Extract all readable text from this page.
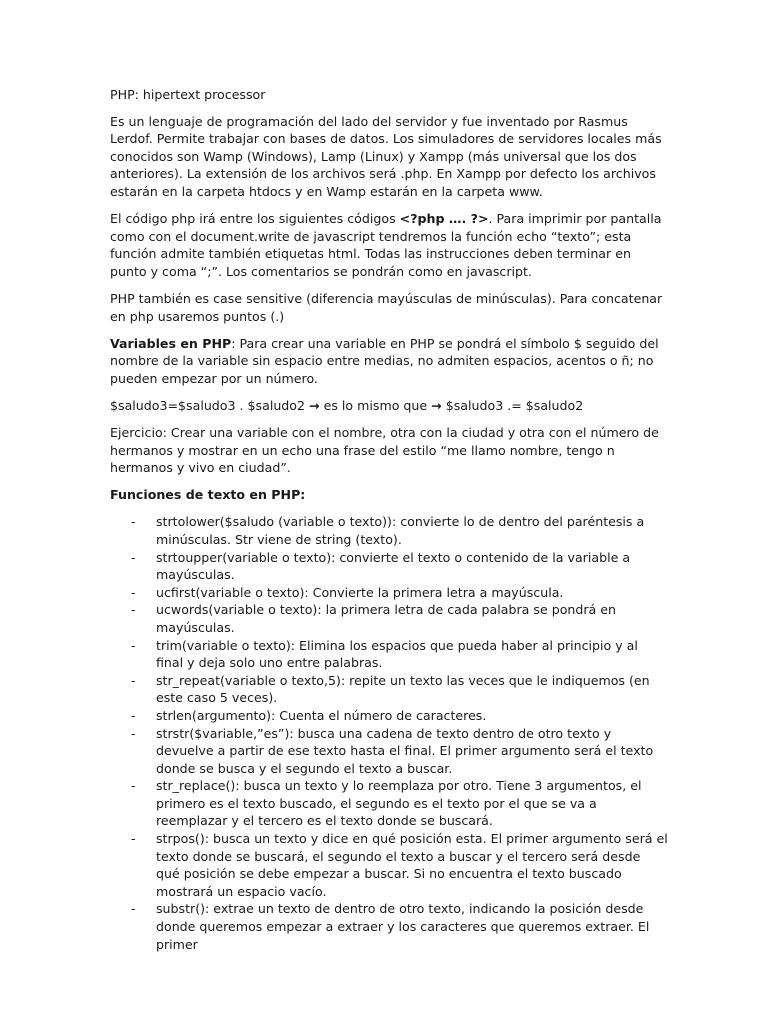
PHP: hipertext processor

Es un lenguaje de programación del lado del servidor y fue inventado por Rasmus Lerdof. Permite trabajar con bases de datos. Los simuladores de servidores locales más conocidos son Wamp (Windows), Lamp (Linux) y Xampp (más universal que los dos anteriores). La extensión de los archivos será .php. En Xampp por defecto los archivos estarán en la carpeta htdocs y en Wamp estarán en la carpeta www.

El código php irá entre los siguientes códigos <?php …. ?>. Para imprimir por pantalla como con el document.write de javascript tendremos la función echo “texto”; esta función admite también etiquetas html. Todas las instrucciones deben terminar en punto y coma “;”. Los comentarios se pondrán como en javascript.

PHP también es case sensitive (diferencia mayúsculas de minúsculas). Para concatenar en php usaremos puntos (.)

Variables en PHP: Para crear una variable en PHP se pondrá el símbolo $ seguido del nombre de la variable sin espacio entre medias, no admiten espacios, acentos o ñ; no pueden empezar por un número.

$saludo3=$saludo3 . $saludo2 → es lo mismo que → $saludo3 .= $saludo2

Ejercicio: Crear una variable con el nombre, otra con la ciudad y otra con el número de hermanos y mostrar en un echo una frase del estilo “me llamo nombre, tengo n hermanos y vivo en ciudad”.

Funciones de texto en PHP:

- strtolower($saludo (variable o texto)): convierte lo de dentro del paréntesis a minúsculas. Str viene de string (texto).
- strtoupper(variable o texto): convierte el texto o contenido de la variable a mayúsculas.
- ucfirst(variable o texto): Convierte la primera letra a mayúscula.
- ucwords(variable o texto): la primera letra de cada palabra se pondrá en mayúsculas.
- trim(variable o texto): Elimina los espacios que pueda haber al principio y al final y deja solo uno entre palabras.
- str_repeat(variable o texto,5): repite un texto las veces que le indiquemos (en este caso 5 veces).
- strlen(argumento): Cuenta el número de caracteres.
- strstr($variable,”es”): busca una cadena de texto dentro de otro texto y devuelve a partir de ese texto hasta el final. El primer argumento será el texto donde se busca y el segundo el texto a buscar.
- str_replace(): busca un texto y lo reemplaza por otro. Tiene 3 argumentos, el primero es el texto buscado, el segundo es el texto por el que se va a reemplazar y el tercero es el texto donde se buscará.
- strpos(): busca un texto y dice en qué posición esta. El primer argumento será el texto donde se buscará, el segundo el texto a buscar y el tercero será desde qué posición se debe empezar a buscar. Si no encuentra el texto buscado mostrará un espacio vacío.
- substr(): extrae un texto de dentro de otro texto, indicando la posición desde donde queremos empezar a extraer y los caracteres que queremos extraer. El primer
